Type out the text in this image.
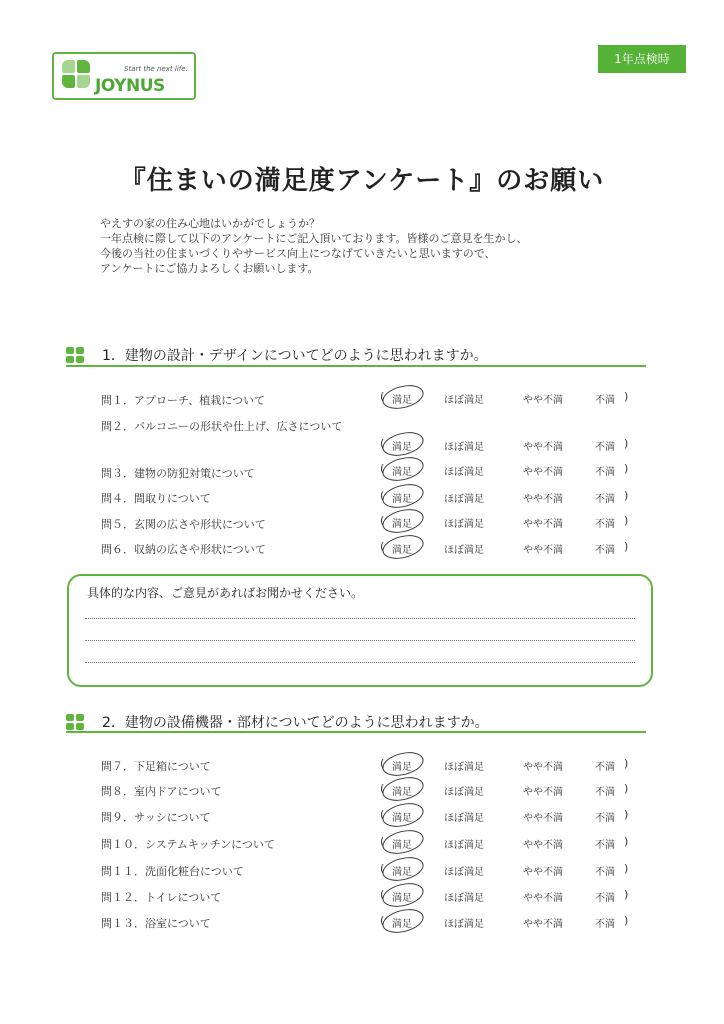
Start the next life.
JOYNUS
1年点検時
『住まいの満足度アンケート』のお願い
やえすの家の住み心地はいかがでしょうか？
一年点検に際して以下のアンケートにご記入頂いております。皆様のご意見を生かし、
今後の当社の住まいづくりやサービス向上につなげていきたいと思いますので、
アンケートにご協力よろしくお願いします。
1．建物の設計・デザインについてどのように思われますか。
問１．アプローチ、植栽について	( 満足	ほぼ満足	やや不満	不満 )
問２．バルコニーの形状や仕上げ、広さについて
( 満足	ほぼ満足	やや不満	不満 )
問３．建物の防犯対策について	( 満足	ほぼ満足	やや不満	不満 )
問４．間取りについて	( 満足	ほぼ満足	やや不満	不満 )
問５．玄関の広さや形状について	( 満足	ほぼ満足	やや不満	不満 )
問６．収納の広さや形状について	( 満足	ほぼ満足	やや不満	不満 )
具体的な内容、ご意見があればお聞かせください。
2．建物の設備機器・部材についてどのように思われますか。
問７．下足箱について	( 満足	ほぼ満足	やや不満	不満 )
問８．室内ドアについて	( 満足	ほぼ満足	やや不満	不満 )
問９．サッシについて	( 満足	ほぼ満足	やや不満	不満 )
問１０．システムキッチンについて	( 満足	ほぼ満足	やや不満	不満 )
問１１．洗面化粧台について	( 満足	ほぼ満足	やや不満	不満 )
問１２．トイレについて	( 満足	ほぼ満足	やや不満	不満 )
問１３．浴室について	( 満足	ほぼ満足	やや不満	不満 )
